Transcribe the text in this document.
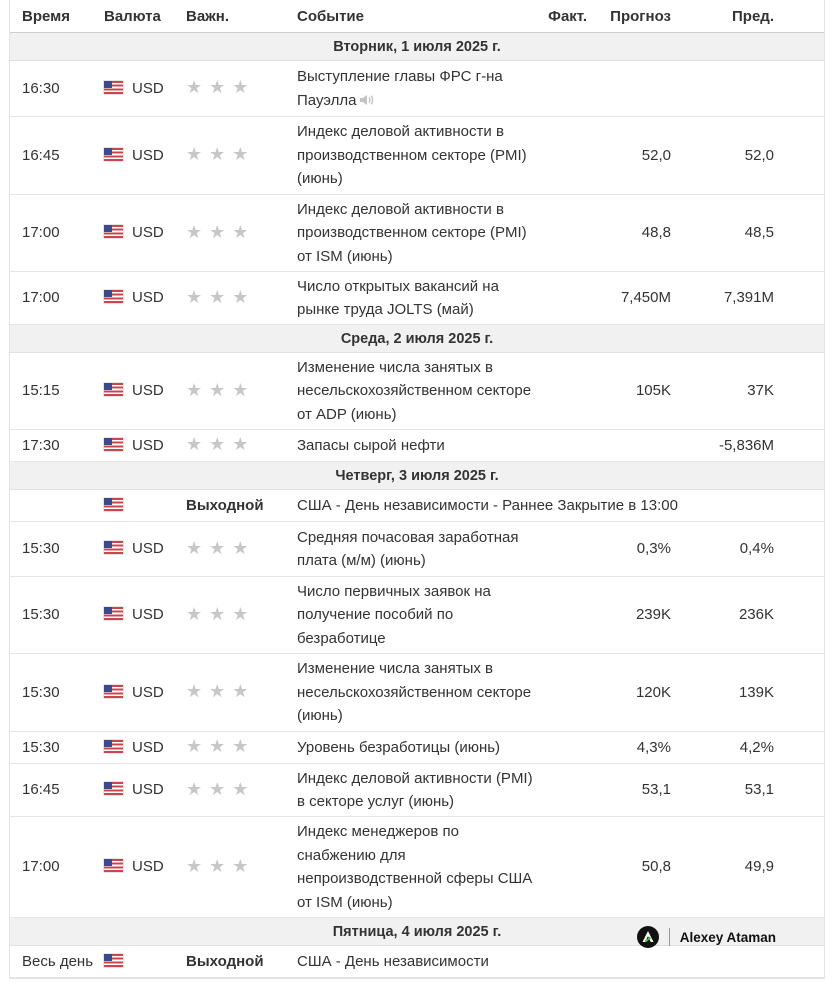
Время	Валюта	Важн.	Событие	Факт.	Прогноз	Пред.
Вторник, 1 июля 2025 г.						
16:30	USD	★ ★ ★	Выступление главы ФРС г-на Пауэлла			
16:45	USD	★ ★ ★	Индекс деловой активности в производственном секторе (PMI) (июнь)		52,0	52,0
17:00	USD	★ ★ ★	Индекс деловой активности в производственном секторе (PMI) от ISM (июнь)		48,8	48,5
17:00	USD	★ ★ ★	Число открытых вакансий на рынке труда JOLTS (май)		7,450M	7,391M
Среда, 2 июля 2025 г.						
15:15	USD	★ ★ ★	Изменение числа занятых в несельскохозяйственном секторе от ADP (июнь)		105K	37K
17:30	USD	★ ★ ★	Запасы сырой нефти			-5,836M
Четверг, 3 июля 2025 г.						
		Выходной	США - День независимости - Раннее Закрытие в 13:00			
15:30	USD	★ ★ ★	Средняя почасовая заработная плата (м/м) (июнь)		0,3%	0,4%
15:30	USD	★ ★ ★	Число первичных заявок на получение пособий по безработице		239K	236K
15:30	USD	★ ★ ★	Изменение числа занятых в несельскохозяйственном секторе (июнь)		120K	139K
15:30	USD	★ ★ ★	Уровень безработицы (июнь)		4,3%	4,2%
16:45	USD	★ ★ ★	Индекс деловой активности (PMI) в секторе услуг (июнь)		53,1	53,1
17:00	USD	★ ★ ★	Индекс менеджеров по снабжению для непроизводственной сферы США от ISM (июнь)		50,8	49,9
Пятница, 4 июля 2025 г. Alexey Ataman						

Весь день		Выходной	США - День независимости			
